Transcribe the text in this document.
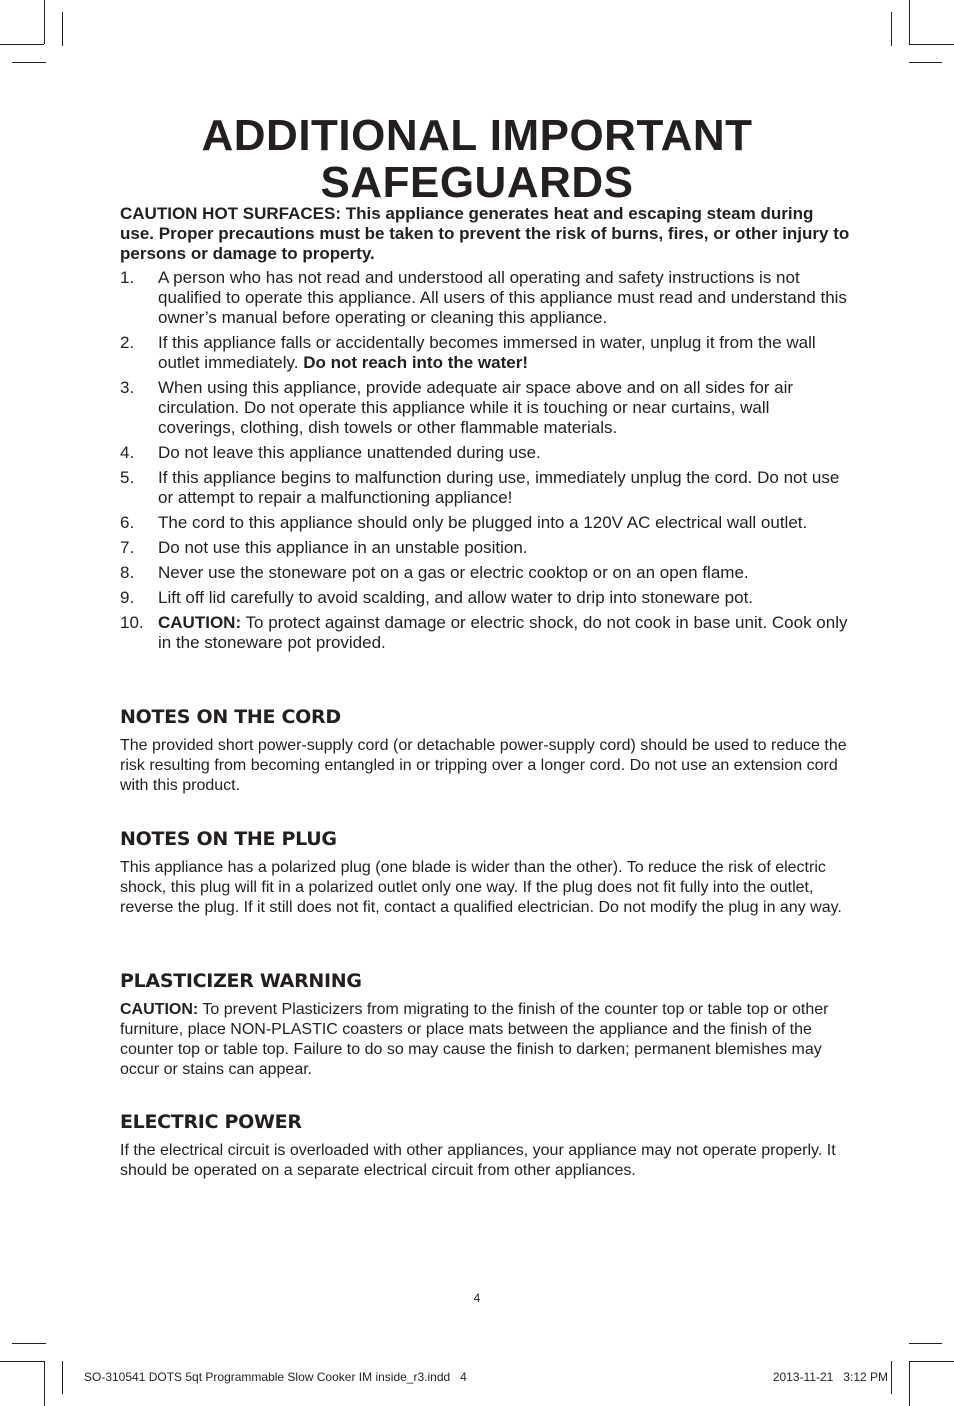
ADDITIONAL IMPORTANT
SAFEGUARDS

CAUTION HOT SURFACES: This appliance generates heat and escaping steam during use. Proper precautions must be taken to prevent the risk of burns, fires, or other injury to persons or damage to property.

1. A person who has not read and understood all operating and safety instructions is not qualified to operate this appliance. All users of this appliance must read and understand this owner’s manual before operating or cleaning this appliance.
2. If this appliance falls or accidentally becomes immersed in water, unplug it from the wall outlet immediately. Do not reach into the water!
3. When using this appliance, provide adequate air space above and on all sides for air circulation. Do not operate this appliance while it is touching or near curtains, wall coverings, clothing, dish towels or other flammable materials.
4. Do not leave this appliance unattended during use.
5. If this appliance begins to malfunction during use, immediately unplug the cord. Do not use or attempt to repair a malfunctioning appliance!
6. The cord to this appliance should only be plugged into a 120V AC electrical wall outlet.
7. Do not use this appliance in an unstable position.
8. Never use the stoneware pot on a gas or electric cooktop or on an open flame.
9. Lift off lid carefully to avoid scalding, and allow water to drip into stoneware pot.
10. CAUTION: To protect against damage or electric shock, do not cook in base unit. Cook only in the stoneware pot provided.
NOTES ON THE CORD

The provided short power-supply cord (or detachable power-supply cord) should be used to reduce the risk resulting from becoming entangled in or tripping over a longer cord. Do not use an extension cord with this product.

NOTES ON THE PLUG

This appliance has a polarized plug (one blade is wider than the other). To reduce the risk of electric shock, this plug will fit in a polarized outlet only one way. If the plug does not fit fully into the outlet, reverse the plug. If it still does not fit, contact a qualified electrician. Do not modify the plug in any way.

PLASTICIZER WARNING

CAUTION: To prevent Plasticizers from migrating to the finish of the counter top or table top or other furniture, place NON-PLASTIC coasters or place mats between the appliance and the finish of the counter top or table top. Failure to do so may cause the finish to darken; permanent blemishes may occur or stains can appear.

ELECTRIC POWER

If the electrical circuit is overloaded with other appliances, your appliance may not operate properly. It should be operated on a separate electrical circuit from other appliances.

4
SO-310541 DOTS 5qt Programmable Slow Cooker IM inside_r3.indd   4	2013-11-21   3:12 PM
